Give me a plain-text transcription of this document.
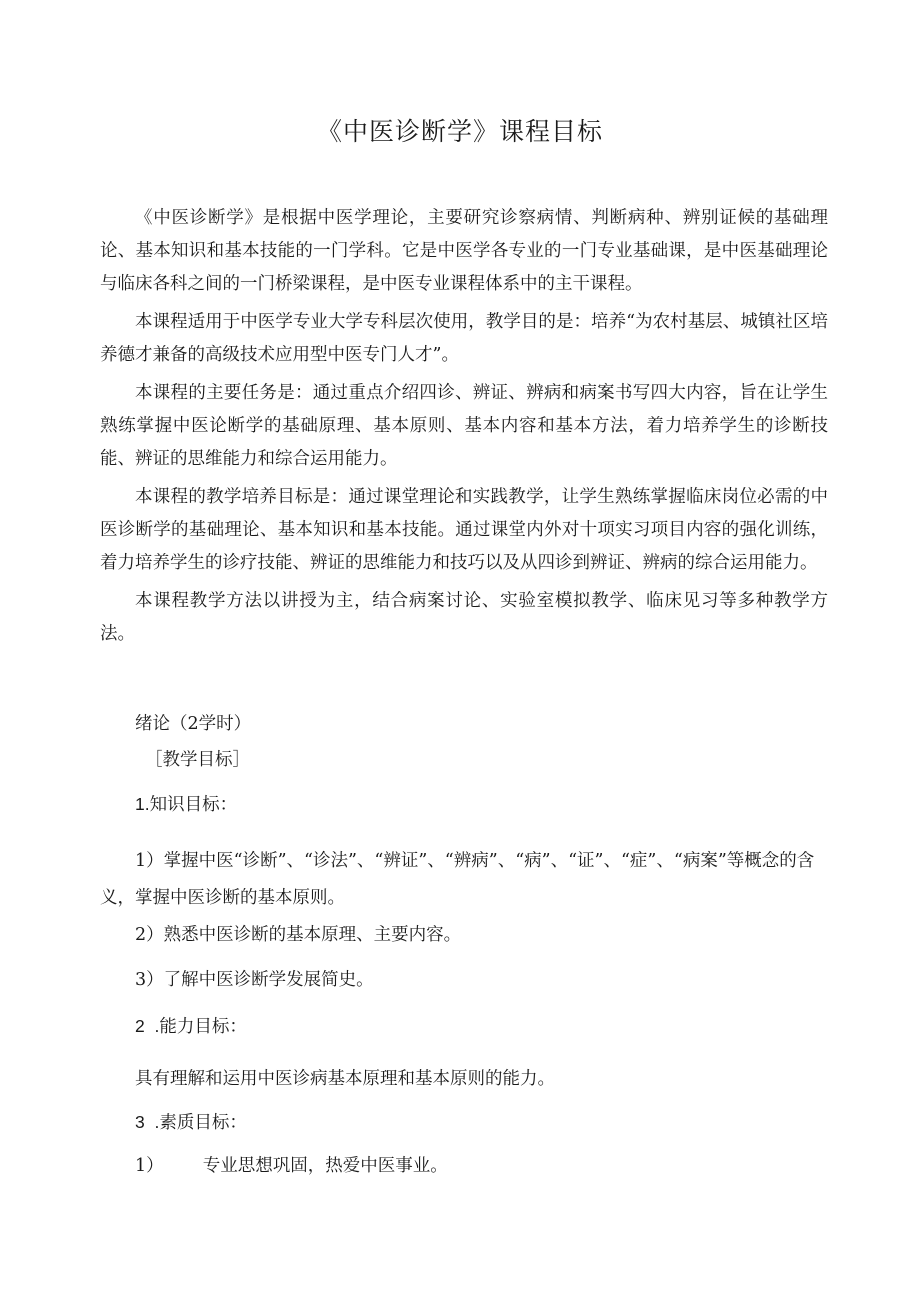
《中医诊断学》课程目标

《中医诊断学》是根据中医学理论，主要研究诊察病情、判断病种、辨别证候的基础理论、基本知识和基本技能的一门学科。它是中医学各专业的一门专业基础课，是中医基础理论与临床各科之间的一门桥梁课程，是中医专业课程体系中的主干课程。

本课程适用于中医学专业大学专科层次使用，教学目的是：培养“为农村基层、城镇社区培养德才兼备的高级技术应用型中医专门人才”。

本课程的主要任务是：通过重点介绍四诊、辨证、辨病和病案书写四大内容，旨在让学生熟练掌握中医论断学的基础原理、基本原则、基本内容和基本方法，着力培养学生的诊断技能、辨证的思维能力和综合运用能力。

本课程的教学培养目标是：通过课堂理论和实践教学，让学生熟练掌握临床岗位必需的中医诊断学的基础理论、基本知识和基本技能。通过课堂内外对十项实习项目内容的强化训练，着力培养学生的诊疗技能、辨证的思维能力和技巧以及从四诊到辨证、辨病的综合运用能力。

本课程教学方法以讲授为主，结合病案讨论、实验室模拟教学、临床见习等多种教学方法。

绪论（2学时）
［教学目标］
1.知识目标：

1）掌握中医“诊断”、“诊法”、“辨证”、“辨病”、“病”、“证”、“症”、“病案”等概念的含义，掌握中医诊断的基本原则。

2）熟悉中医诊断的基本原理、主要内容。
3）了解中医诊断学发展简史。
2  .能力目标：
具有理解和运用中医诊病基本原理和基本原则的能力。
3  .素质目标：
1） 专业思想巩固，热爱中医事业。
